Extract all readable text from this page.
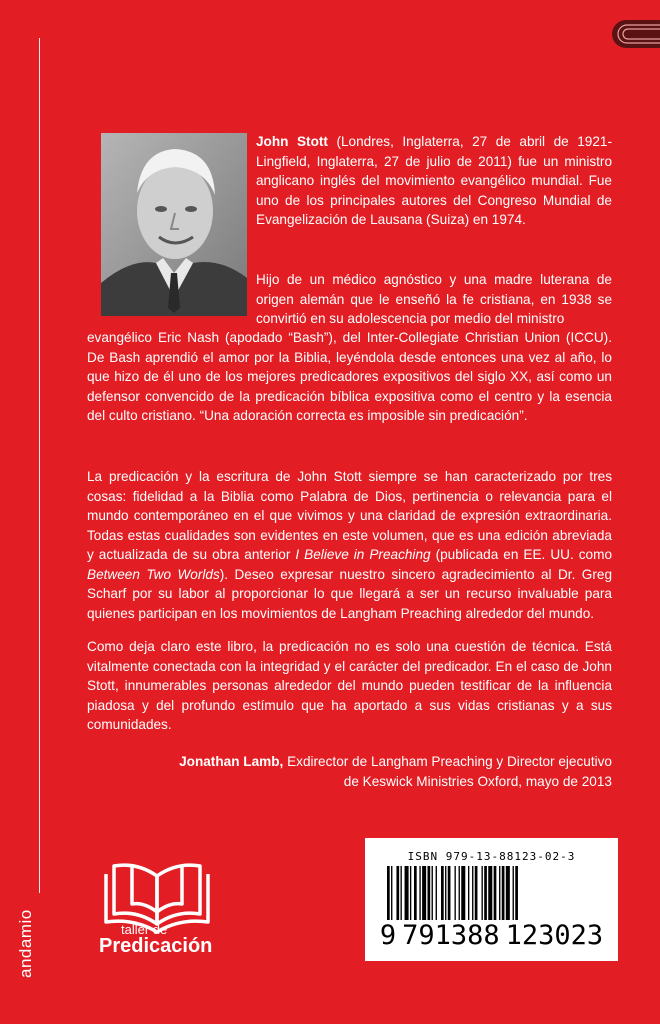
andamio

John Stott (Londres, Inglaterra, 27 de abril de 1921-Lingfield, Inglaterra, 27 de julio de 2011) fue un ministro anglicano inglés del movimiento evangélico mundial. Fue uno de los principales autores del Congreso Mundial de Evangelización de Lausana (Suiza) en 1974.

Hijo de un médico agnóstico y una madre luterana de origen alemán que le enseñó la fe cristiana, en 1938 se convirtió en su adolescencia por medio del ministro

evangélico Eric Nash (apodado “Bash”), del Inter-Collegiate Christian Union (ICCU). De Bash aprendió el amor por la Biblia, leyéndola desde entonces una vez al año, lo que hizo de él uno de los mejores predicadores expositivos del siglo XX, así como un defensor convencido de la predicación bíblica expositiva como el centro y la esencia del culto cristiano. “Una adoración correcta es imposible sin predicación”.

La predicación y la escritura de John Stott siempre se han caracterizado por tres cosas: fidelidad a la Biblia como Palabra de Dios, pertinencia o relevancia para el mundo contemporáneo en el que vivimos y una claridad de expresión extraordinaria. Todas estas cualidades son evidentes en este volumen, que es una edición abreviada y actualizada de su obra anterior I Believe in Preaching (publicada en EE. UU. como Between Two Worlds). Deseo expresar nuestro sincero agradecimiento al Dr. Greg Scharf por su labor al proporcionar lo que llegará a ser un recurso invaluable para quienes participan en los movimientos de Langham Preaching alrededor del mundo.

Como deja claro este libro, la predicación no es solo una cuestión de técnica. Está vitalmente conectada con la integridad y el carácter del predicador. En el caso de John Stott, innumerables personas alrededor del mundo pueden testificar de la influencia piadosa y del profundo estímulo que ha aportado a sus vidas cristianas y a sus comunidades.

Jonathan Lamb, Exdirector de Langham Preaching y Director ejecutivo
de Keswick Ministries Oxford, mayo de 2013
taller de
Predicación
ISBN 979-13-88123-02-3
9 791388 123023
